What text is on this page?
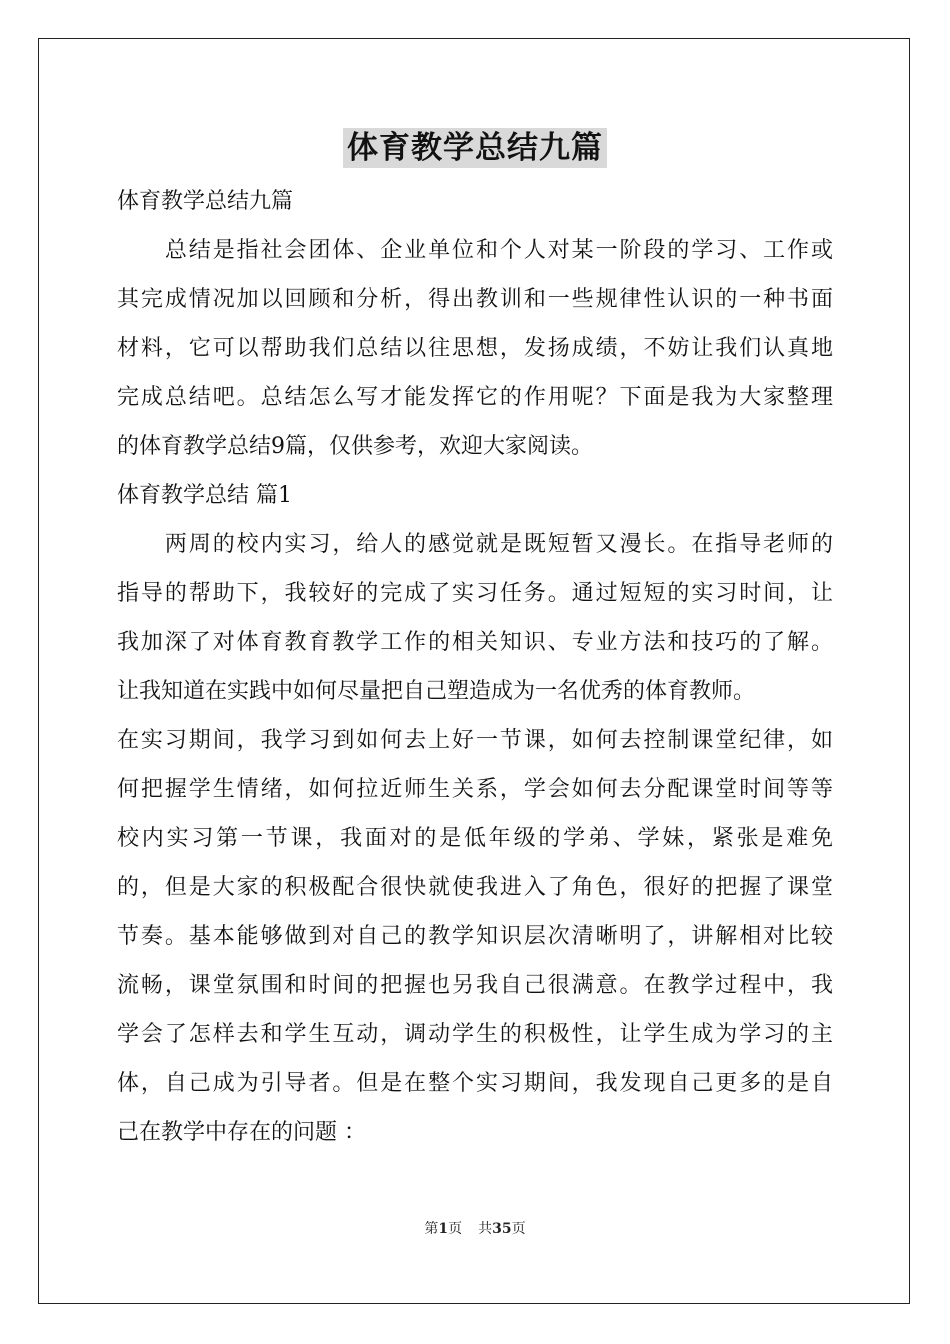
体育教学总结九篇
体育教学总结九篇
　　总结是指社会团体、企业单位和个人对某一阶段的学习、工作或
其完成情况加以回顾和分析，得出教训和一些规律性认识的一种书面
材料，它可以帮助我们总结以往思想，发扬成绩，不妨让我们认真地
完成总结吧。总结怎么写才能发挥它的作用呢？下面是我为大家整理
的体育教学总结9篇，仅供参考，欢迎大家阅读。
体育教学总结 篇1
　　两周的校内实习，给人的感觉就是既短暂又漫长。在指导老师的
指导的帮助下，我较好的完成了实习任务。通过短短的实习时间，让
我加深了对体育教育教学工作的相关知识、专业方法和技巧的了解。
让我知道在实践中如何尽量把自己塑造成为一名优秀的体育教师。
在实习期间，我学习到如何去上好一节课，如何去控制课堂纪律，如
何把握学生情绪，如何拉近师生关系，学会如何去分配课堂时间等等
校内实习第一节课，我面对的是低年级的学弟、学妹，紧张是难免
的，但是大家的积极配合很快就使我进入了角色，很好的把握了课堂
节奏。基本能够做到对自己的教学知识层次清晰明了，讲解相对比较
流畅，课堂氛围和时间的把握也另我自己很满意。在教学过程中，我
学会了怎样去和学生互动，调动学生的积极性，让学生成为学习的主
体，自己成为引导者。但是在整个实习期间，我发现自己更多的是自
己在教学中存在的问题 ：
第1页 共35页
